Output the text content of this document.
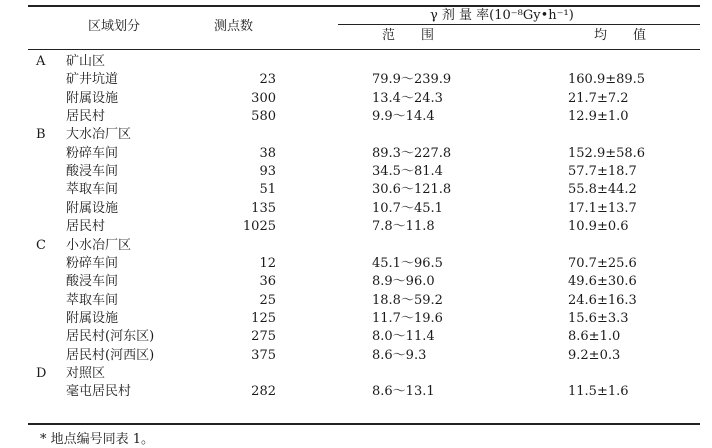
区域划分	测点数
γ 剂 量 率(10⁻⁸Gy•h⁻¹)
范　　围	均　　值
A 矿山区
矿井坑道	23	79.9～239.9	160.9±89.5
附属设施	300	13.4～24.3	21.7±7.2
居民村	580	9.9～14.4	12.9±1.0
B 大水冶厂区
粉碎车间	38	89.3～227.8	152.9±58.6
酸浸车间	93	34.5～81.4	57.7±18.7
萃取车间	51	30.6～121.8	55.8±44.2
附属设施	135	10.7～45.1	17.1±13.7
居民村	1025	7.8～11.8	10.9±0.6
C 小水冶厂区
粉碎车间	12	45.1～96.5	70.7±25.6
酸浸车间	36	8.9～96.0	49.6±30.6
萃取车间	25	18.8～59.2	24.6±16.3
附属设施	125	11.7～19.6	15.6±3.3
居民村(河东区)	275	8.0～11.4	8.6±1.0
居民村(河西区)	375	8.6～9.3	9.2±0.3
D 对照区
毫屯居民村	282	8.6～13.1	11.5±1.6
* 地点编号同表 1。
